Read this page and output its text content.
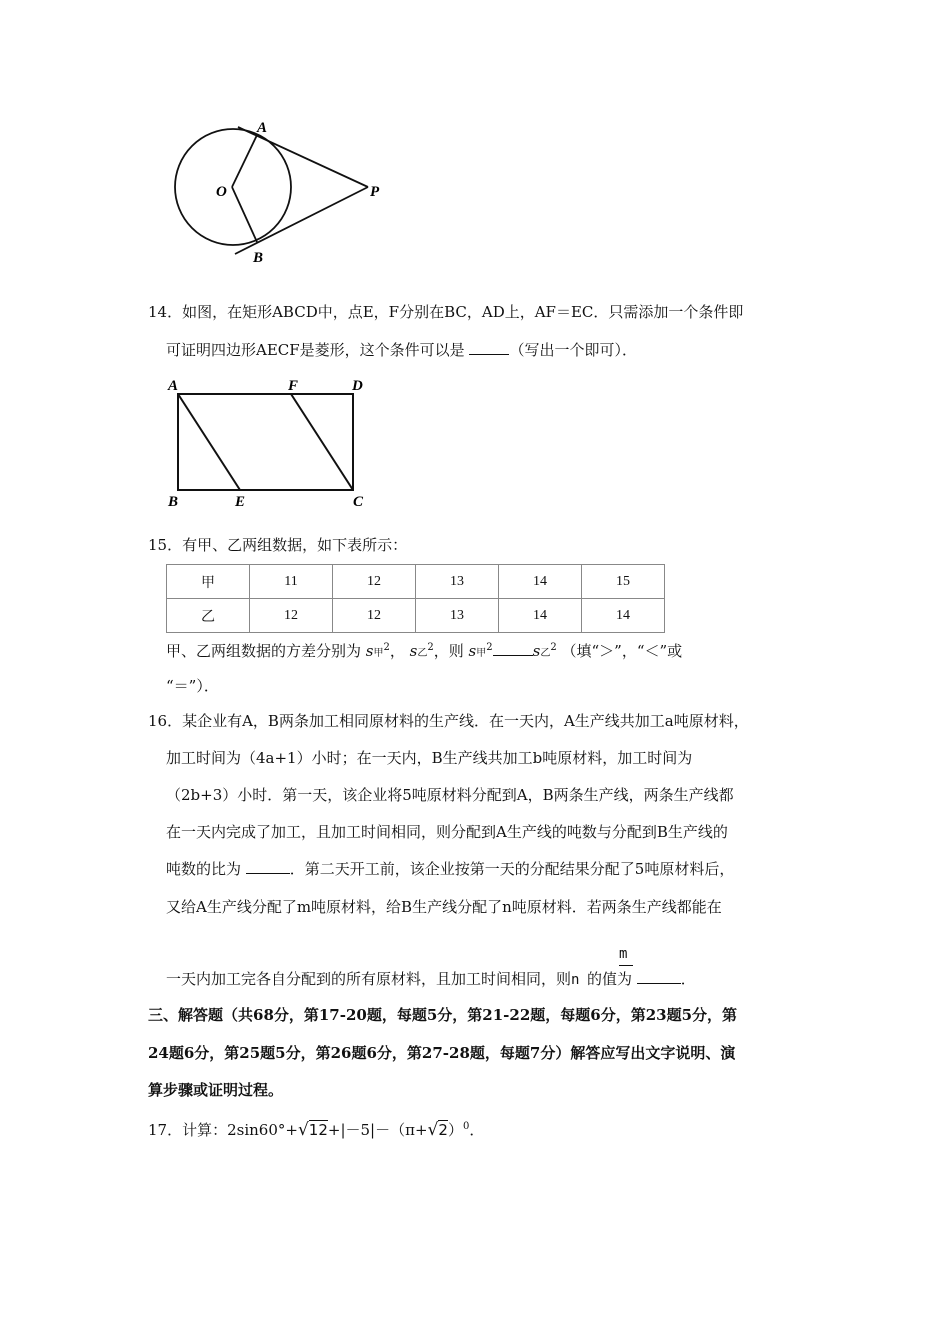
A
O	P
B
14．如图，在矩形ABCD中，点E，F分别在BC，AD上，AF＝EC．只需添加一个条件即
可证明四边形AECF是菱形，这个条件可以是	（写出一个即可）．
A	F	D
B	E	C
15．有甲、乙两组数据，如下表所示：
甲	11	12	13	14	15
乙	12	12	13	14	14
甲、乙两组数据的方差分别为 s甲$^2$， s乙$^2$，则 s甲$^2$	s乙$^2$ （填“＞”，“＜”或
“＝”）．
16．某企业有A，B两条加工相同原材料的生产线．在一天内，A生产线共加工a吨原材料，
加工时间为（4a+1）小时；在一天内，B生产线共加工b吨原材料，加工时间为
（2b+3）小时．第一天，该企业将5吨原材料分配到A，B两条生产线，两条生产线都
在一天内完成了加工，且加工时间相同，则分配到A生产线的吨数与分配到B生产线的
吨数的比为	．第二天开工前，该企业按第一天的分配结果分配了5吨原材料后，
又给A生产线分配了m吨原材料，给B生产线分配了n吨原材料．若两条生产线都能在
m
一天内加工完各自分配到的所有原材料，且加工时间相同，则n 的值为	．
三、解答题（共68分，第17-20题，每题5分，第21-22题，每题6分，第23题5分，第
24题6分，第25题5分，第26题6分，第27-28题，每题7分）解答应写出文字说明、演
算步骤或证明过程。
17．计算：$2\sin 60^\circ+√12+|-5|-(\pi+√2)^0$．
